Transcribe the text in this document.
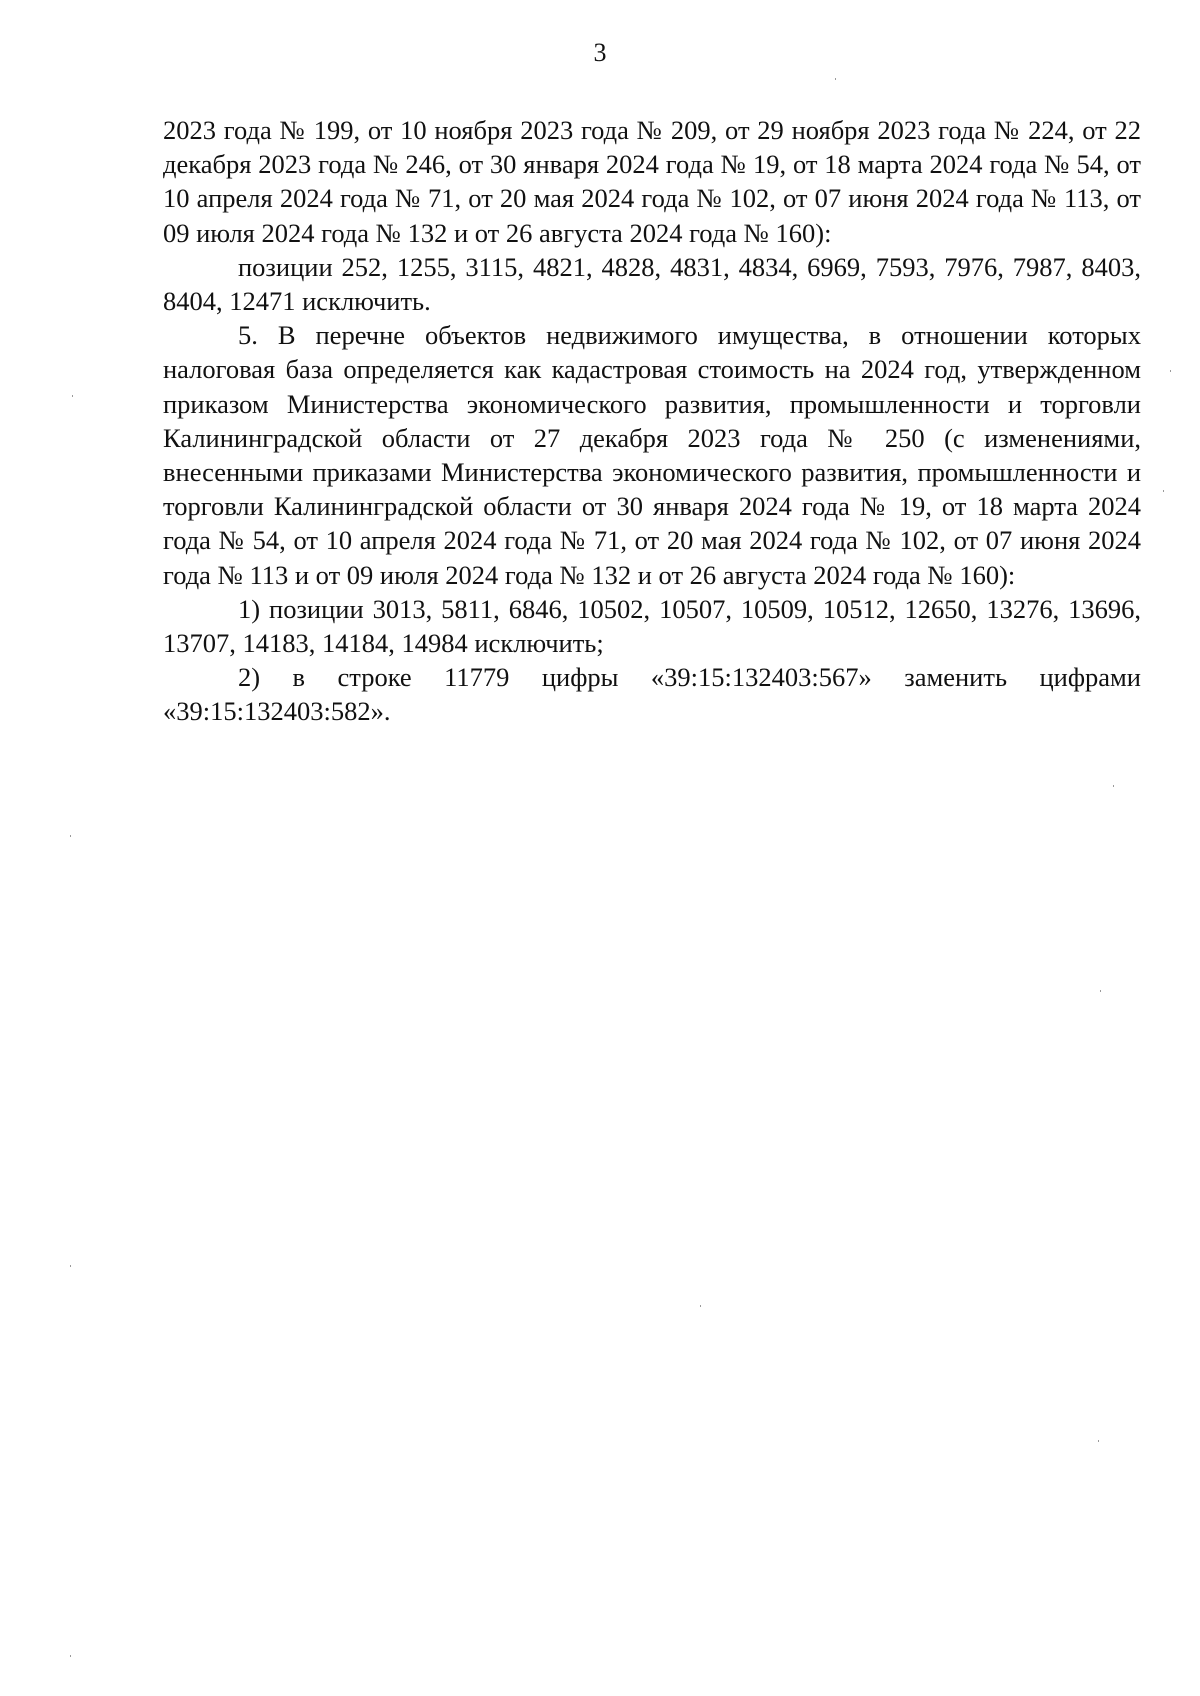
3

2023 года № 199, от 10 ноября 2023 года № 209, от 29 ноября 2023 года № 224, от 22 декабря 2023 года № 246, от 30 января 2024 года № 19, от 18 марта 2024 года № 54, от 10 апреля 2024 года № 71, от 20 мая 2024 года № 102, от 07 июня 2024 года № 113, от 09 июля 2024 года № 132 и от 26 августа 2024 года № 160):

позиции 252, 1255, 3115, 4821, 4828, 4831, 4834, 6969, 7593, 7976, 7987, 8403, 8404, 12471 исключить.

5. В перечне объектов недвижимого имущества, в отношении которых налоговая база определяется как кадастровая стоимость на 2024 год, утвержденном приказом Министерства экономического развития, промышленности и торговли Калининградской области от 27 декабря 2023 года № 250 (с изменениями, внесенными приказами Министерства экономического развития, промышленности и торговли Калининградской области от 30 января 2024 года № 19, от 18 марта 2024 года № 54, от 10 апреля 2024 года № 71, от 20 мая 2024 года № 102, от 07 июня 2024 года № 113 и от 09 июля 2024 года № 132 и от 26 августа 2024 года № 160):

1) позиции 3013, 5811, 6846, 10502, 10507, 10509, 10512, 12650, 13276, 13696, 13707, 14183, 14184, 14984 исключить;

2) в строке 11779 цифры «39:15:132403:567» заменить цифрами «39:15:132403:582».
